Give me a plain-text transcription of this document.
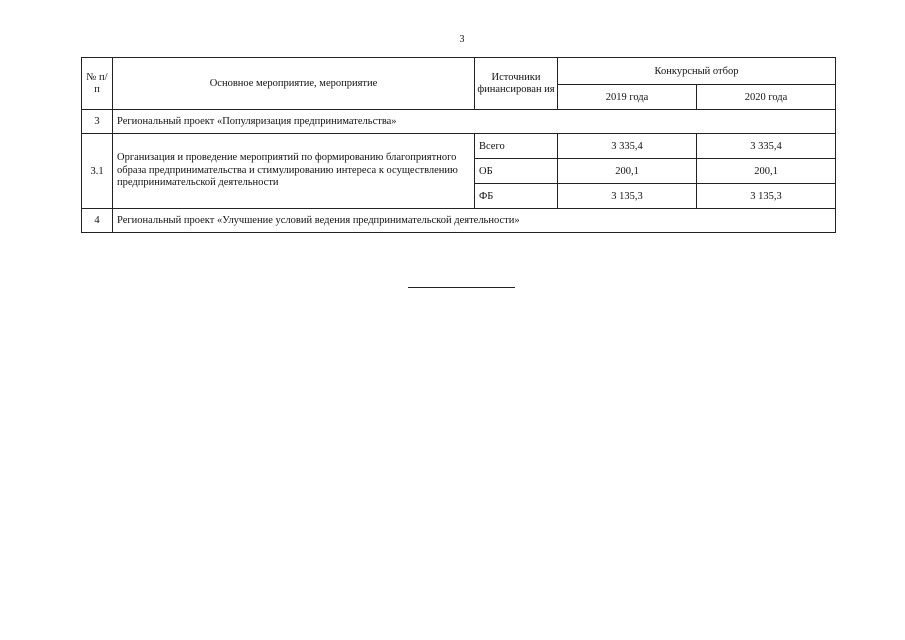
3
№ п/п	Основное мероприятие, мероприятие	Источники финансирован ия	Конкурсный отбор	
			2019 года	2020 года
3	Региональный проект «Популяризация предпринимательства»			
3.1	Организация и проведение мероприятий по формированию благоприятного образа предпринимательства и стимулированию интереса к осуществлению предпринимательской деятельности	Всего	3 335,4	3 335,4
		ОБ	200,1	200,1
		ФБ	3 135,3	3 135,3
4	Региональный проект «Улучшение условий ведения предпринимательской деятельности»			
